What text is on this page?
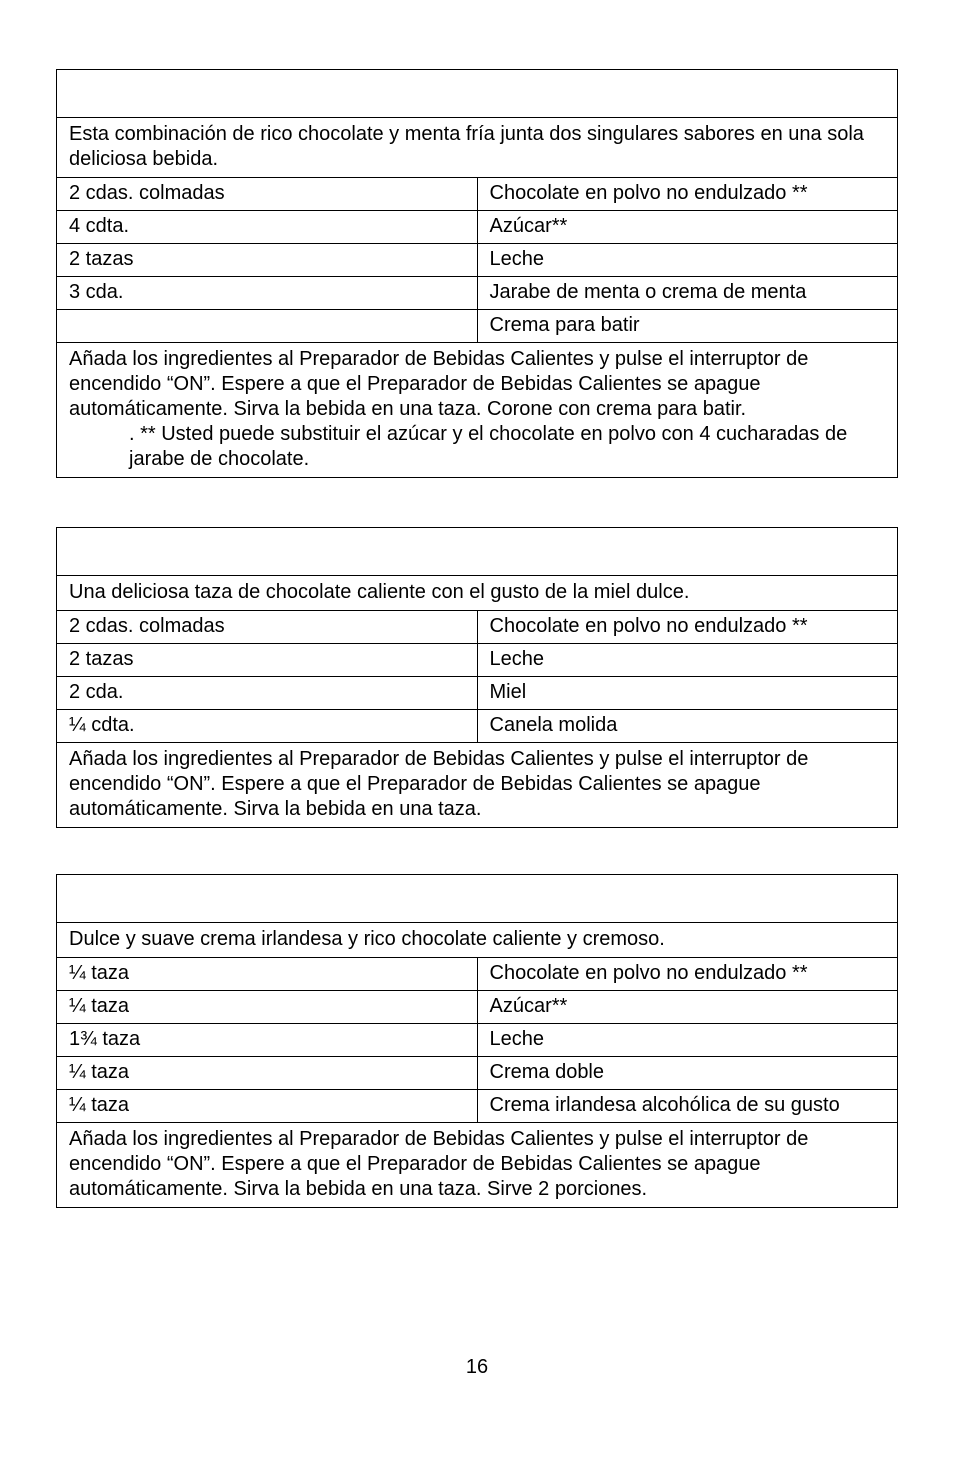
Esta combinación de rico chocolate y menta fría junta dos singulares sabores en una sola deliciosa bebida.	
2 cdas. colmadas	Chocolate en polvo no endulzado **
4 cdta.	Azúcar**
2 tazas	Leche
3 cda.	Jarabe de menta o crema de menta
	Crema para batir
Añada los ingredientes al Preparador de Bebidas Calientes y pulse el interruptor de encendido “ON”. Espere a que el Preparador de Bebidas Calientes se apague automáticamente. Sirva la bebida en una taza. Corone con crema para batir.
. ** Usted puede substituir el azúcar y el chocolate en polvo con 4 cucharadas de jarabe de chocolate.	

Una deliciosa taza de chocolate caliente con el gusto de la miel dulce.	
2 cdas. colmadas	Chocolate en polvo no endulzado **
2 tazas	Leche
2 cda.	Miel
¼ cdta.	Canela molida
Añada los ingredientes al Preparador de Bebidas Calientes y pulse el interruptor de encendido “ON”. Espere a que el Preparador de Bebidas Calientes se apague automáticamente. Sirva la bebida en una taza.	

Dulce y suave crema irlandesa y rico chocolate caliente y cremoso.	
¼ taza	Chocolate en polvo no endulzado **
¼ taza	Azúcar**
1¾ taza	Leche
¼ taza	Crema doble
¼ taza	Crema irlandesa alcohólica de su gusto
Añada los ingredientes al Preparador de Bebidas Calientes y pulse el interruptor de encendido “ON”. Espere a que el Preparador de Bebidas Calientes se apague automáticamente. Sirva la bebida en una taza. Sirve 2 porciones.	
16
